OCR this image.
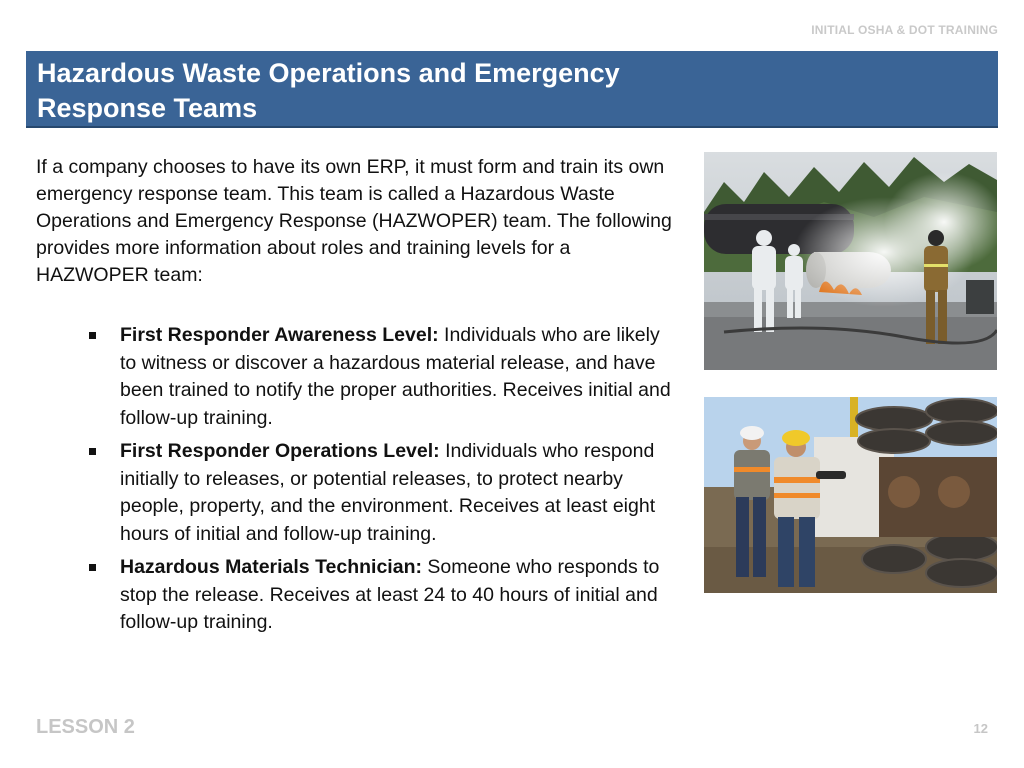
INITIAL OSHA & DOT TRAINING
Hazardous Waste Operations and Emergency Response Teams

If a company chooses to have its own ERP, it must form and train its own emergency response team. This team is called a Hazardous Waste Operations and Emergency Response (HAZWOPER) team. The following provides more information about roles and training levels for a HAZWOPER team:

First Responder Awareness Level: Individuals who are likely to witness or discover a hazardous material release, and have been trained to notify the proper authorities. Receives initial and follow-up training.
First Responder Operations Level: Individuals who respond initially to releases, or potential releases, to protect nearby people, property, and the environment. Receives at least eight hours of initial and follow-up training.
Hazardous Materials Technician: Someone who responds to stop the release. Receives at least 24 to 40 hours of initial and follow-up training.
LESSON 2	12
